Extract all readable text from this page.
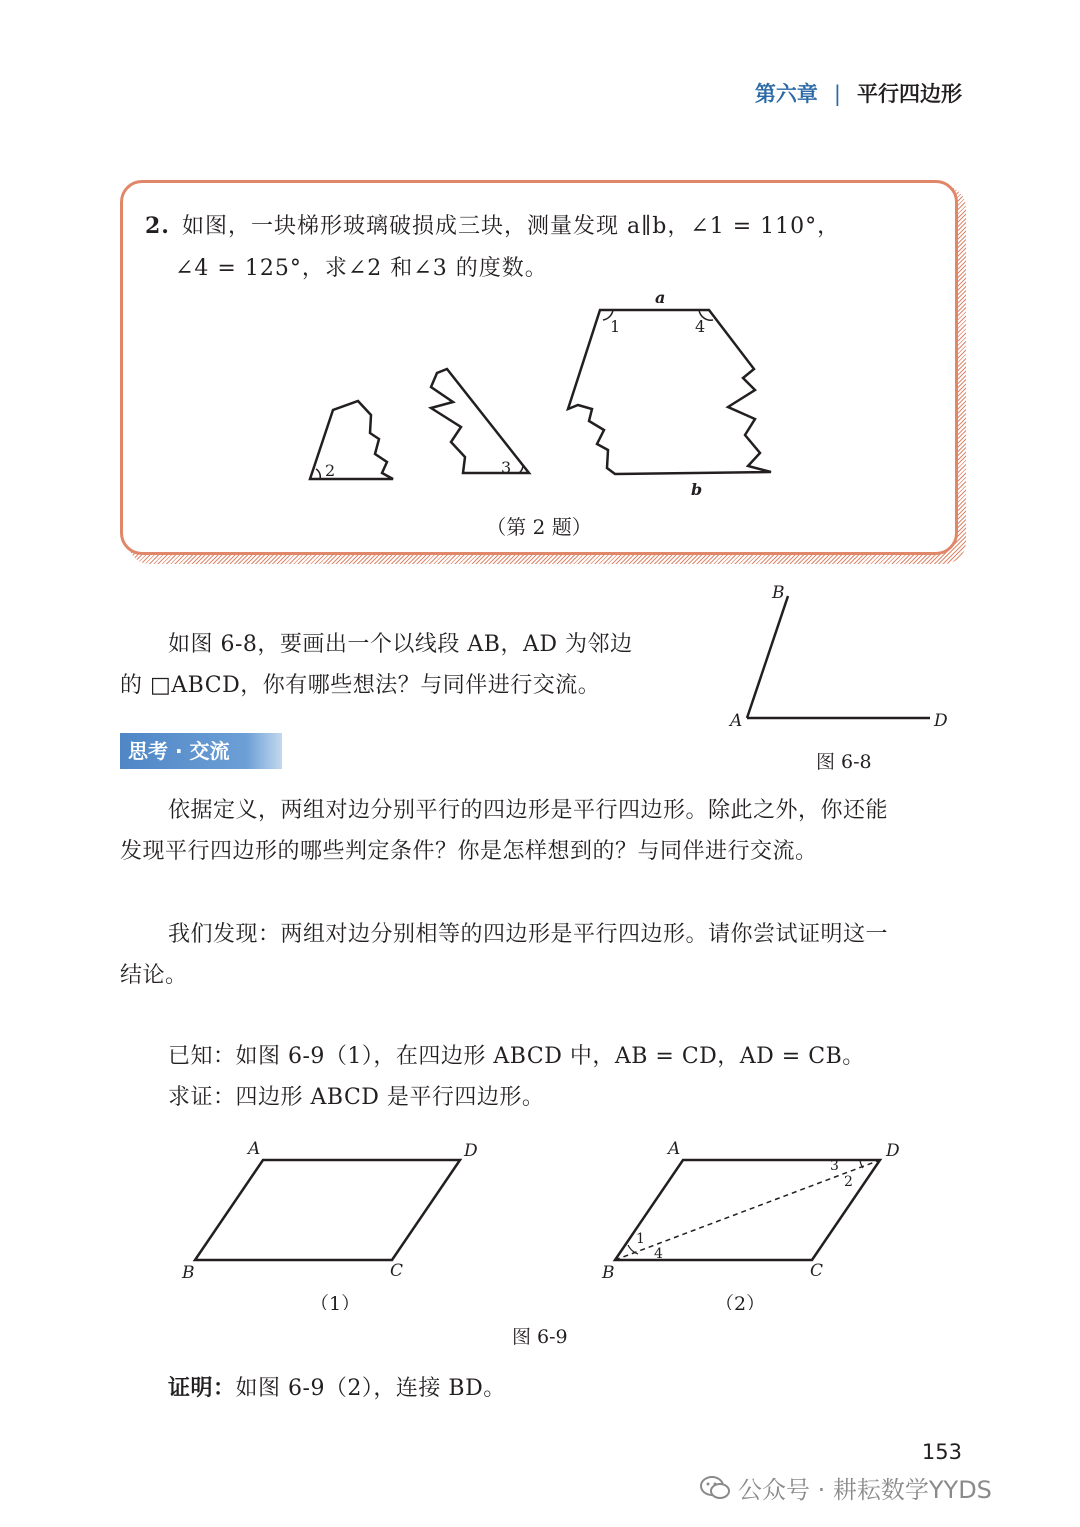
第六章 | 平行四边形
2. 如图，一块梯形玻璃破损成三块，测量发现 a∥b，∠1 = 110°，
∠4 = 125°，求∠2 和∠3 的度数。
2	3
1	4
a
b
（第 2 题）
如图 6-8，要画出一个以线段 AB，AD 为邻边
的 □ABCD，你有哪些想法？与同伴进行交流。
B
A	D
图 6-8
思考 · 交流
依据定义，两组对边分别平行的四边形是平行四边形。除此之外，你还能
发现平行四边形的哪些判定条件？你是怎样想到的？与同伴进行交流。
我们发现：两组对边分别相等的四边形是平行四边形。请你尝试证明这一
结论。
已知：如图 6-9（1），在四边形 ABCD 中，AB = CD，AD = CB。
求证：四边形 ABCD 是平行四边形。
A	D
B	C
A	D
B	C
1
4
3
2
（1）	（2）
图 6-9
证明：如图 6-9（2），连接 BD。
153
公众号 · 耕耘数学YYDS
